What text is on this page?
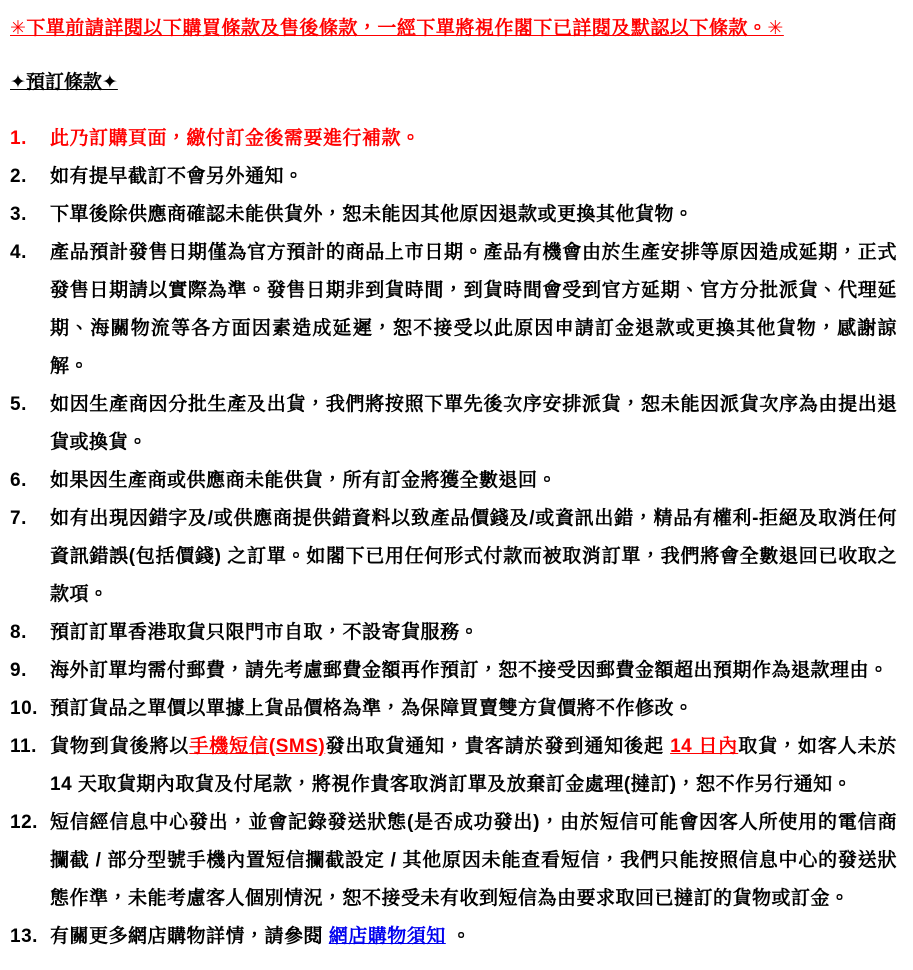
✳下單前請詳閱以下購買條款及售後條款，一經下單將視作閣下已詳閱及默認以下條款。✳
✦預訂條款✦
1.	此乃訂購頁面，繳付訂金後需要進行補款。
2.	如有提早截訂不會另外通知。
3.	下單後除供應商確認未能供貨外，恕未能因其他原因退款或更換其他貨物。
4.	產品預計發售日期僅為官方預計的商品上市日期。產品有機會由於生產安排等原因造成延期，正式發售日期請以實際為準。發售日期非到貨時間，到貨時間會受到官方延期、官方分批派貨、代理延期、海關物流等各方面因素造成延遲，恕不接受以此原因申請訂金退款或更換其他貨物，感謝諒解。
5.	如因生產商因分批生產及出貨，我們將按照下單先後次序安排派貨，恕未能因派貨次序為由提出退貨或換貨。
6.	如果因生產商或供應商未能供貨，所有訂金將獲全數退回。
7.	如有出現因錯字及/或供應商提供錯資料以致產品價錢及/或資訊出錯，精品有權利-拒絕及取消任何資訊錯誤(包括價錢) 之訂單。如閣下已用任何形式付款而被取消訂單，我們將會全數退回已收取之款項。
8.	預訂訂單香港取貨只限門市自取，不設寄貨服務。
9.	海外訂單均需付郵費，請先考慮郵費金額再作預訂，恕不接受因郵費金額超出預期作為退款理由。
10. 預訂貨品之單價以單據上貨品價格為準，為保障買賣雙方貨價將不作修改。
11. 貨物到貨後將以手機短信(SMS)發出取貨通知，貴客請於發到通知後起 14 日內取貨，如客人未於 14 天取貨期內取貨及付尾款，將視作貴客取消訂單及放棄訂金處理(撻訂)，恕不作另行通知。
12. 短信經信息中心發出，並會記錄發送狀態(是否成功發出)，由於短信可能會因客人所使用的電信商攔截 / 部分型號手機內置短信攔截設定 / 其他原因未能查看短信，我們只能按照信息中心的發送狀態作準，未能考慮客人個別情況，恕不接受未有收到短信為由要求取回已撻訂的貨物或訂金。
13. 有關更多網店購物詳情，請參閱 網店購物須知 。
